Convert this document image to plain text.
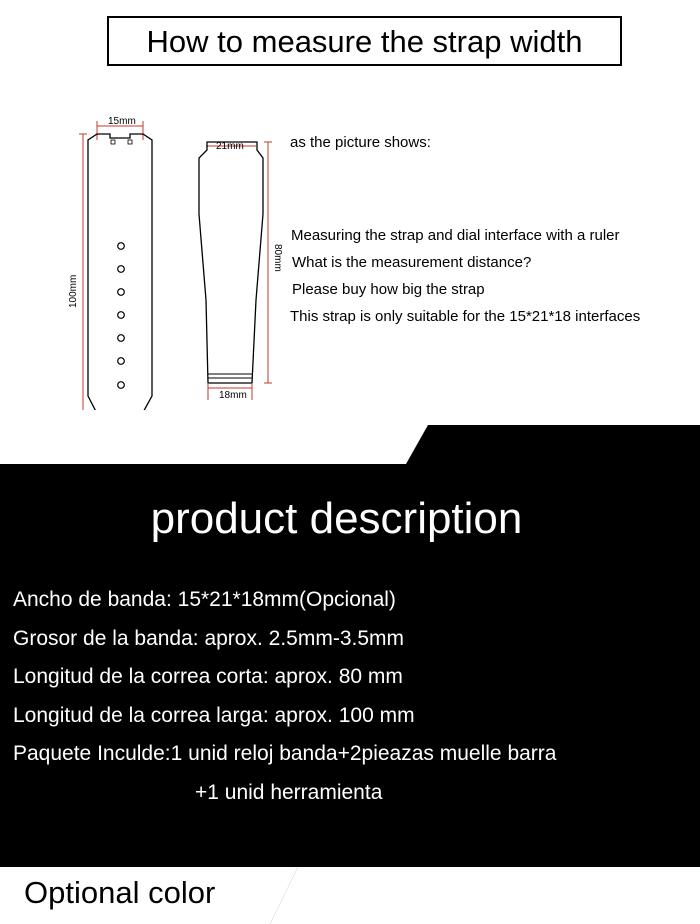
How to measure the strap width
15mm
100mm
21mm
80mm
18mm
as the picture shows:
Measuring the strap and dial interface with a ruler
What is the measurement distance?
Please buy how big the strap
This strap is only suitable for the 15*21*18 interfaces
product description
Ancho de banda: 15*21*18mm(Opcional)
Grosor de la banda: aprox. 2.5mm-3.5mm
Longitud de la correa corta: aprox. 80 mm
Longitud de la correa larga: aprox. 100 mm
Paquete Inculde:1 unid reloj banda+2pieazas muelle barra
+1 unid herramienta
Optional color
